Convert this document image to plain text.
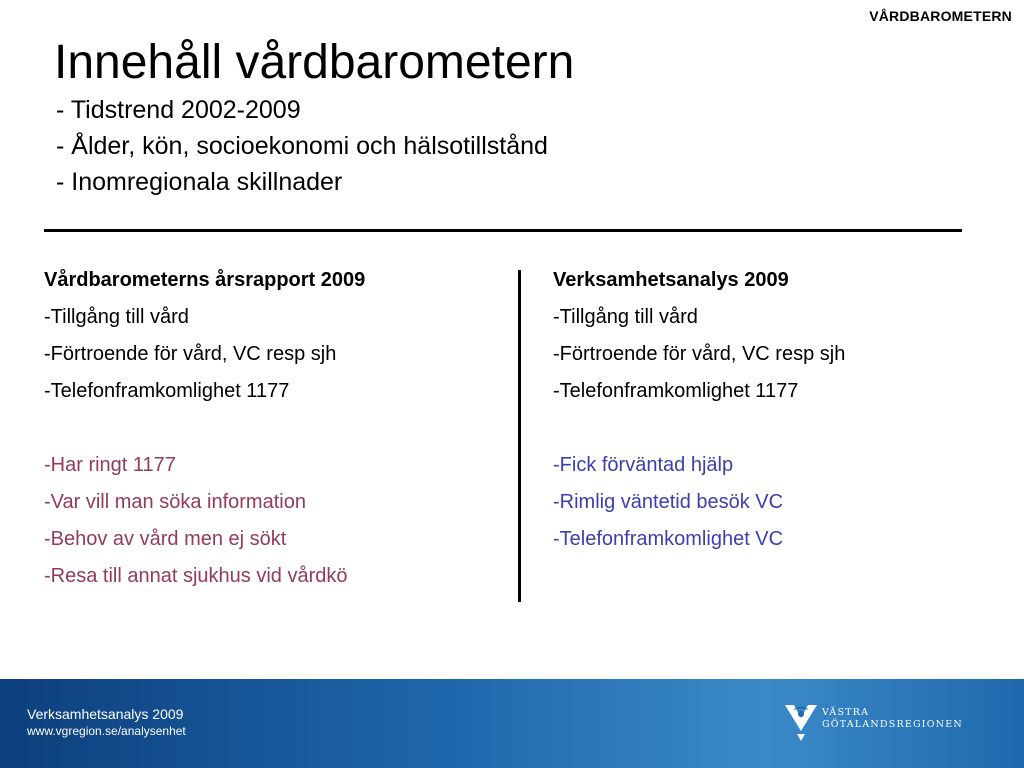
VÅRDBAROMETERN
Innehåll vårdbarometern
- Tidstrend 2002-2009
- Ålder, kön, socioekonomi och hälsotillstånd
- Inomregionala skillnader
Vårdbarometerns årsrapport 2009
-Tillgång till vård
-Förtroende för vård, VC resp sjh
-Telefonframkomlighet 1177
-Har ringt 1177
-Var vill man söka information
-Behov av vård men ej sökt
-Resa till annat sjukhus vid vårdkö
Verksamhetsanalys 2009
-Tillgång till vård
-Förtroende för vård, VC resp sjh
-Telefonframkomlighet 1177
-Fick förväntad hjälp
-Rimlig väntetid besök VC
-Telefonframkomlighet VC
Verksamhetsanalys 2009
www.vgregion.se/analysenhet
VÄSTRA
GÖTALANDSREGIONEN
